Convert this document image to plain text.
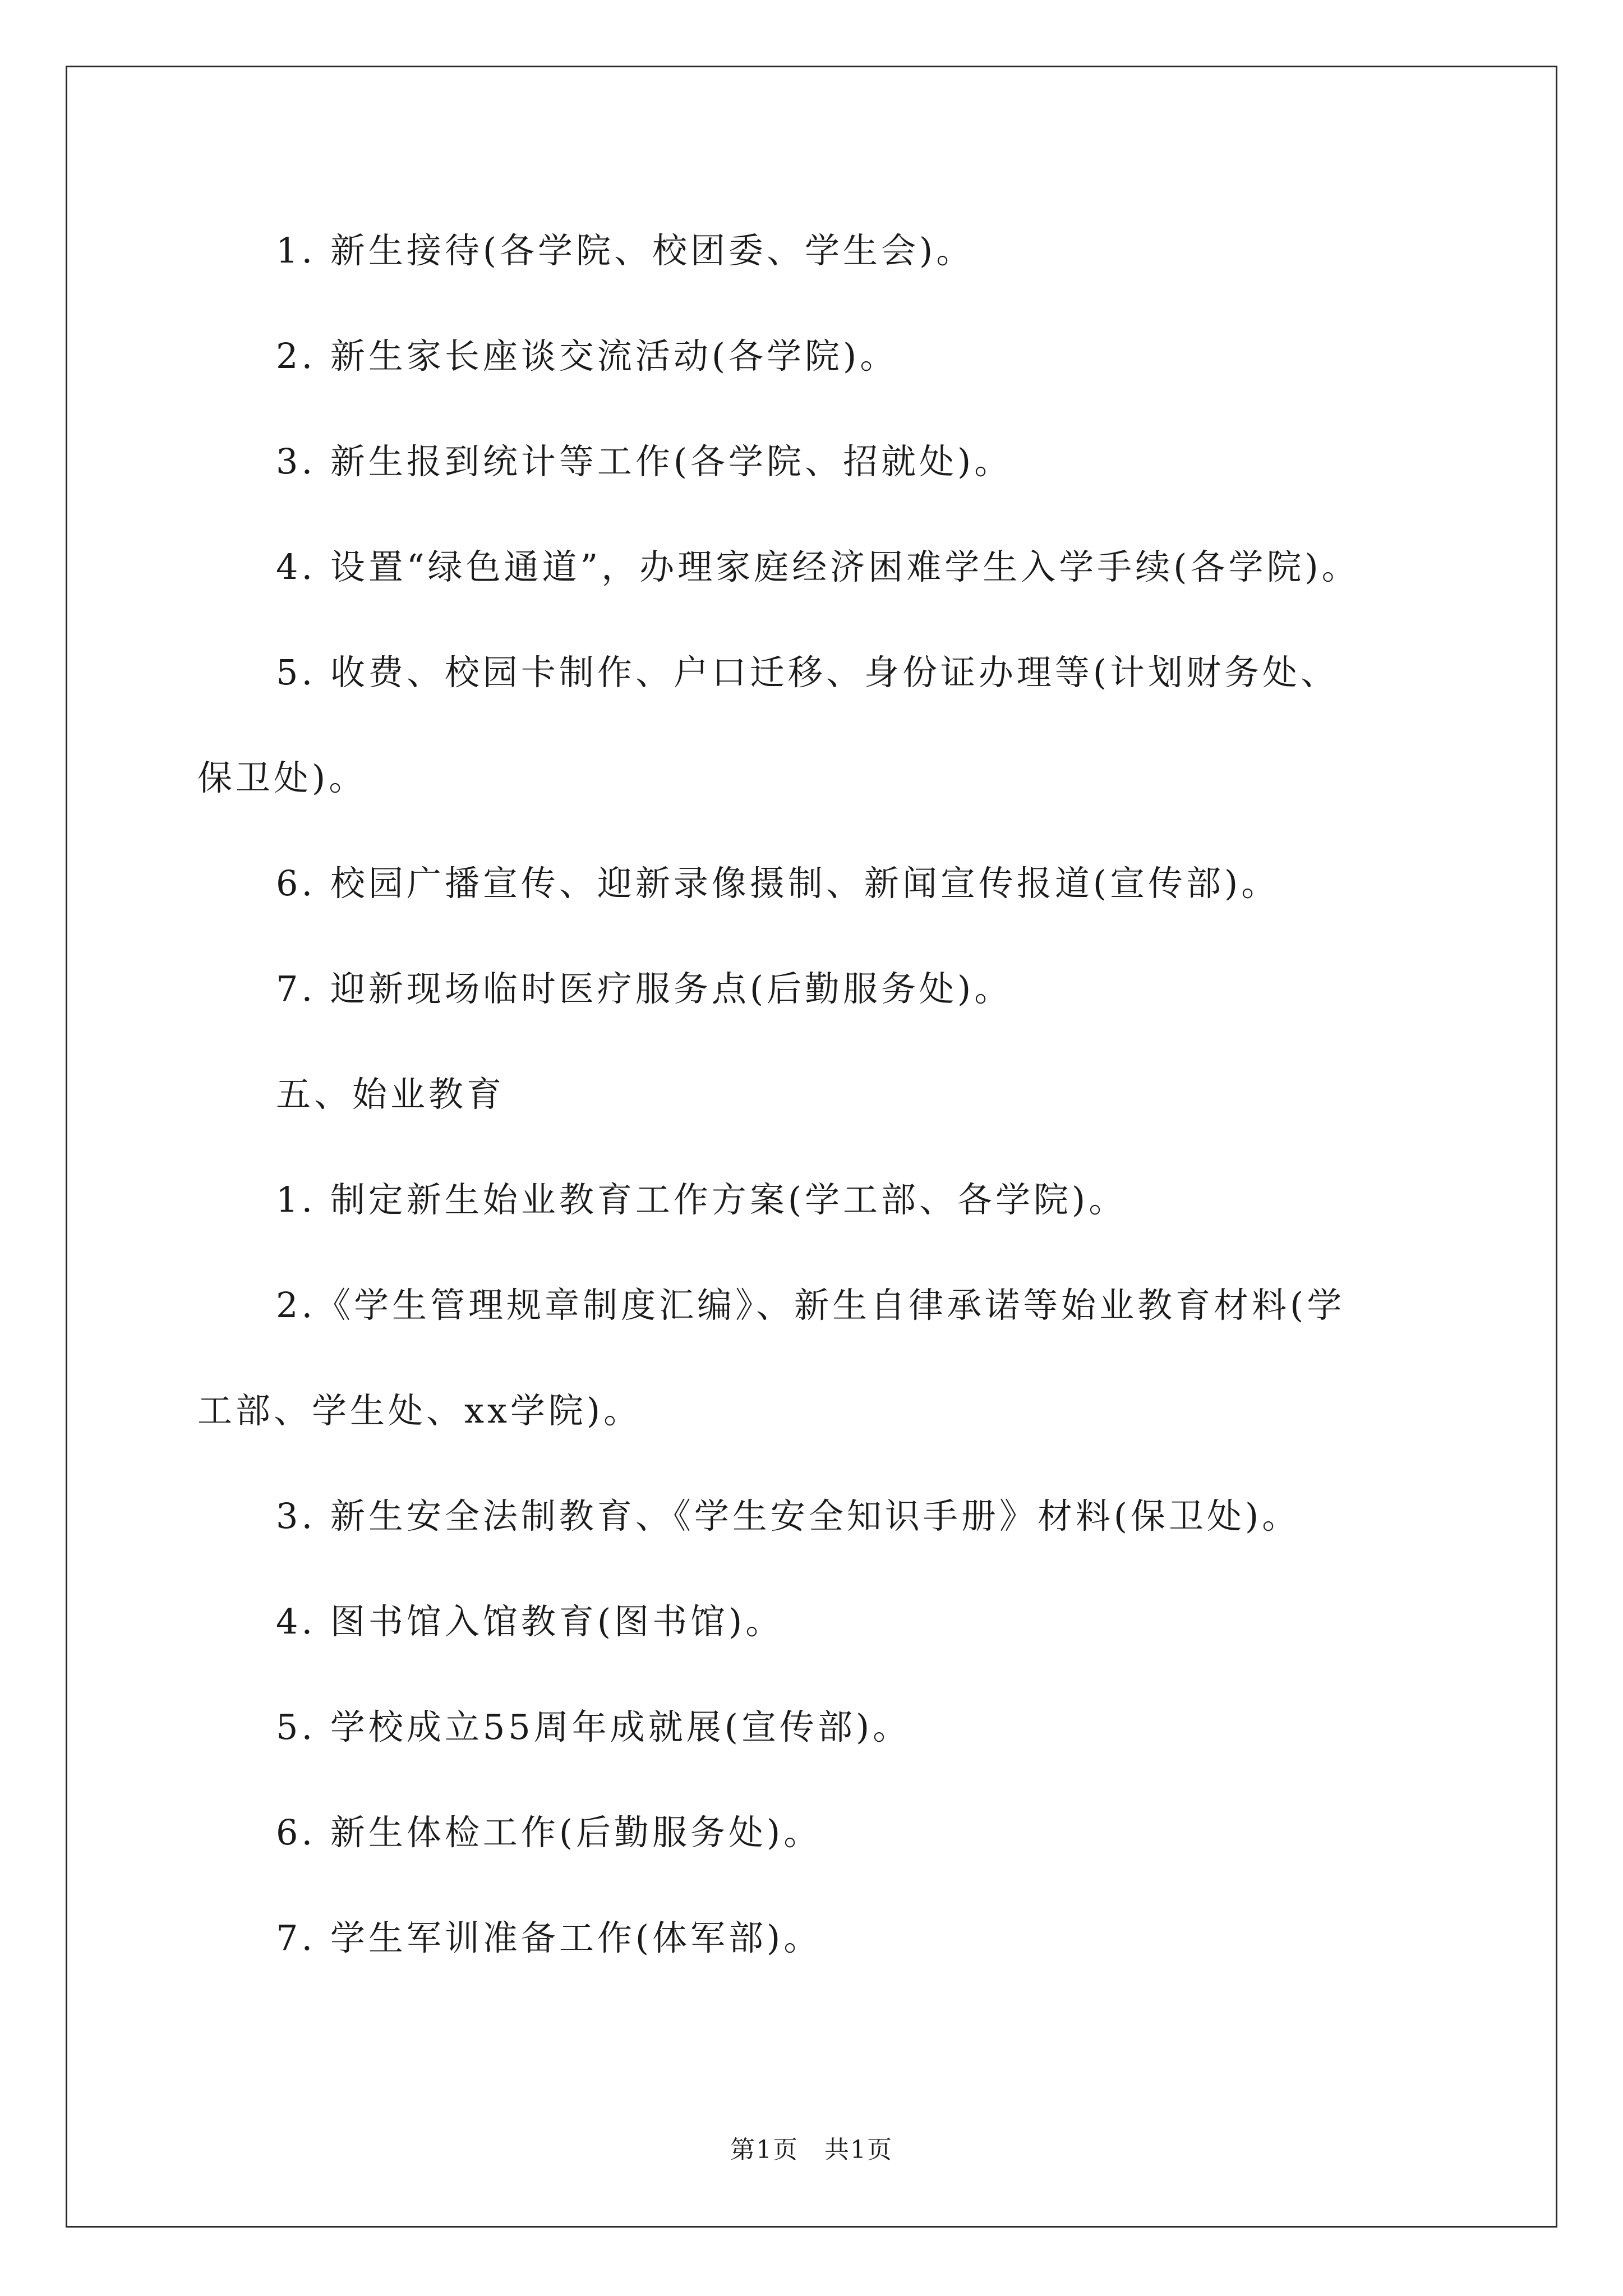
1. 新生接待(各学院、校团委、学生会)。
2. 新生家长座谈交流活动(各学院)。
3. 新生报到统计等工作(各学院、招就处)。
4. 设置“绿色通道”，办理家庭经济困难学生入学手续(各学院)。
5. 收费、校园卡制作、户口迁移、身份证办理等(计划财务处、
保卫处)。
6. 校园广播宣传、迎新录像摄制、新闻宣传报道(宣传部)。
7. 迎新现场临时医疗服务点(后勤服务处)。
五、始业教育
1. 制定新生始业教育工作方案(学工部、各学院)。
2.《学生管理规章制度汇编》、新生自律承诺等始业教育材料(学
工部、学生处、xx学院)。
3. 新生安全法制教育、《学生安全知识手册》材料(保卫处)。
4. 图书馆入馆教育(图书馆)。
5. 学校成立55周年成就展(宣传部)。
6. 新生体检工作(后勤服务处)。
7. 学生军训准备工作(体军部)。
第1页　共1页
